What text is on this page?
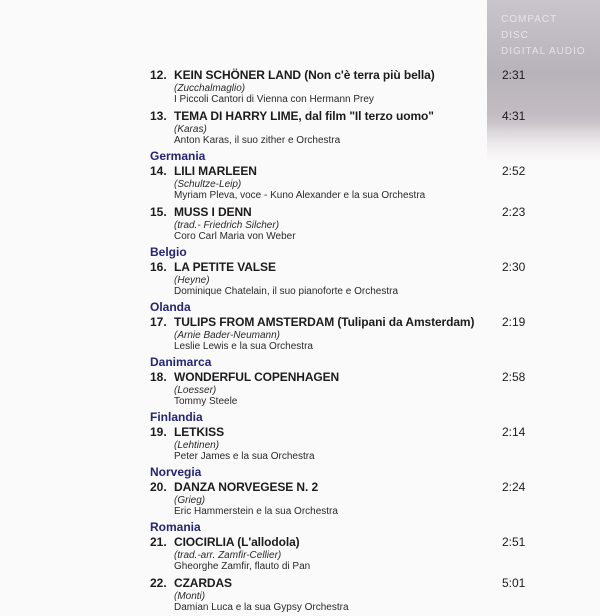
COMPACT
DISC
DIGITAL AUDIO
12. KEIN SCHÖNER LAND (Non c'è terra più bella)	2:31
(Zucchalmaglio)
I Piccoli Cantori di Vienna con Hermann Prey
13. TEMA DI HARRY LIME, dal film "Il terzo uomo"	4:31
(Karas)
Anton Karas, il suo zither e Orchestra
Germania
14. LILI MARLEEN	2:52
(Schultze-Leip)
Myriam Pleva, voce - Kuno Alexander e la sua Orchestra
15. MUSS I DENN	2:23
(trad.- Friedrich Silcher)
Coro Carl Maria von Weber
Belgio
16. LA PETITE VALSE	2:30
(Heyne)
Dominique Chatelain, il suo pianoforte e Orchestra
Olanda
17. TULIPS FROM AMSTERDAM (Tulipani da Amsterdam) 2:19
(Arnie Bader-Neumann)
Leslie Lewis e la sua Orchestra
Danimarca
18. WONDERFUL COPENHAGEN	2:58
(Loesser)
Tommy Steele
Finlandia
19. LETKISS	2:14
(Lehtinen)
Peter James e la sua Orchestra
Norvegia
20. DANZA NORVEGESE N. 2	2:24
(Grieg)
Eric Hammerstein e la sua Orchestra
Romania
21. CIOCIRLIA (L'allodola)	2:51
(trad.-arr. Zamfir-Cellier)
Gheorghe Zamfir, flauto di Pan
22. CZARDAS	5:01
(Monti)
Damian Luca e la sua Gypsy Orchestra
